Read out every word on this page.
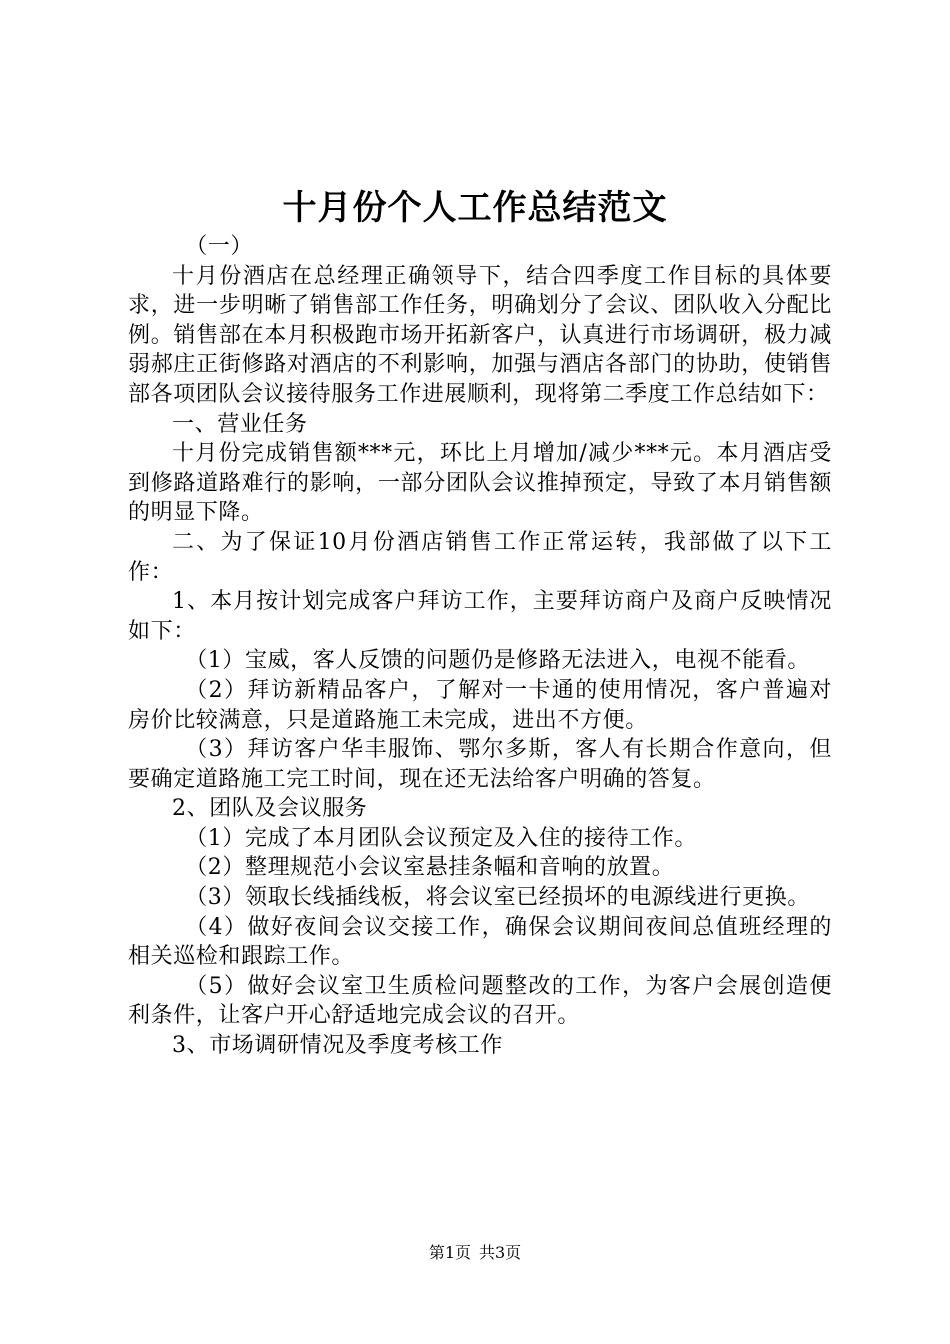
十月份个人工作总结范文

（一）

十月份酒店在总经理正确领导下，结合四季度工作目标的具体要求，进一步明晰了销售部工作任务，明确划分了会议、团队收入分配比例。销售部在本月积极跑市场开拓新客户，认真进行市场调研，极力减弱郝庄正街修路对酒店的不利影响，加强与酒店各部门的协助，使销售部各项团队会议接待服务工作进展顺利，现将第二季度工作总结如下：

一、营业任务

十月份完成销售额***元，环比上月增加/减少***元。本月酒店受到修路道路难行的影响，一部分团队会议推掉预定，导致了本月销售额的明显下降。

二、为了保证10月份酒店销售工作正常运转，我部做了以下工作：

1、本月按计划完成客户拜访工作，主要拜访商户及商户反映情况如下：

（1）宝威，客人反馈的问题仍是修路无法进入，电视不能看。

（2）拜访新精品客户，了解对一卡通的使用情况，客户普遍对房价比较满意，只是道路施工未完成，进出不方便。

（3）拜访客户华丰服饰、鄂尔多斯，客人有长期合作意向，但要确定道路施工完工时间，现在还无法给客户明确的答复。

2、团队及会议服务

（1）完成了本月团队会议预定及入住的接待工作。

（2）整理规范小会议室悬挂条幅和音响的放置。

（3）领取长线插线板，将会议室已经损坏的电源线进行更换。

（4）做好夜间会议交接工作，确保会议期间夜间总值班经理的相关巡检和跟踪工作。

（5）做好会议室卫生质检问题整改的工作，为客户会展创造便利条件，让客户开心舒适地完成会议的召开。

3、市场调研情况及季度考核工作

第1页 共3页
